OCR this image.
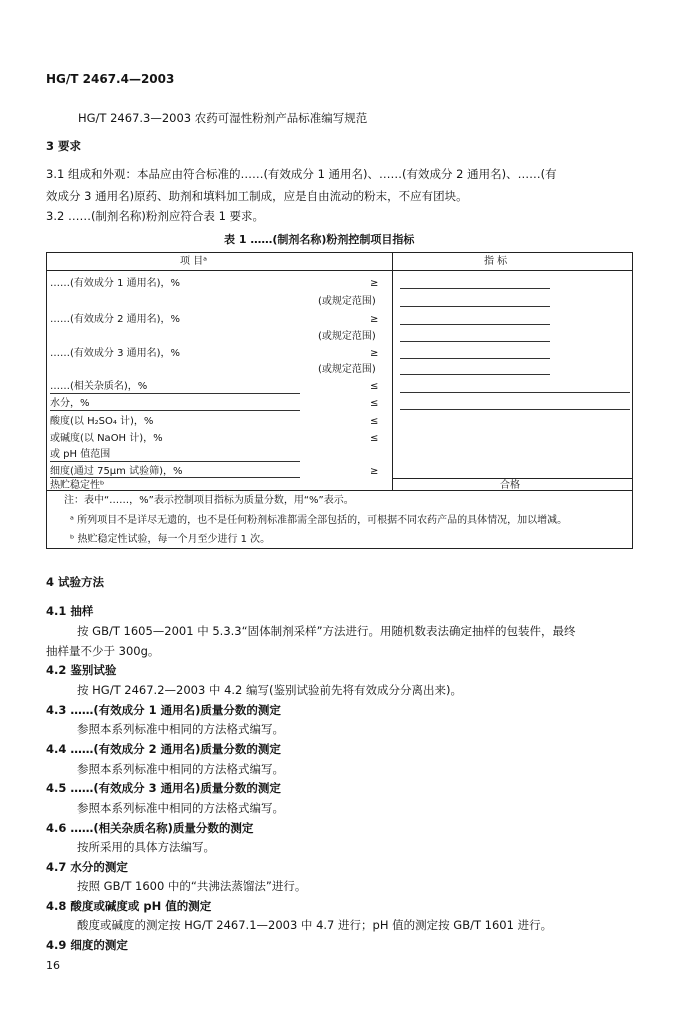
HG/T 2467.4—2003
HG/T 2467.3—2003 农药可湿性粉剂产品标准编写规范
3 要求
3.1 组成和外观：本品应由符合标准的……(有效成分 1 通用名)、……(有效成分 2 通用名)、……(有
效成分 3 通用名)原药、助剂和填料加工制成，应是自由流动的粉末，不应有团块。
3.2 ……(制剂名称)粉剂应符合表 1 要求。
表 1 ……(制剂名称)粉剂控制项目指标
项 目ᵃ	指 标
……(有效成分 1 通用名)，%	≥
(或规定范围)
……(有效成分 2 通用名)，%	≥
(或规定范围)
……(有效成分 3 通用名)，%	≥
(或规定范围)
……(相关杂质名)，%	≤
水分，%	≤
酸度(以 H₂SO₄ 计)，%	≤
或碱度(以 NaOH 计)，%	≤
或 pH 值范围
细度(通过 75μm 试验筛)，%	≥
热贮稳定性ᵇ	合格
注：表中“……，%”表示控制项目指标为质量分数，用“%”表示。
ᵃ 所列项目不是详尽无遗的，也不是任何粉剂标准都需全部包括的，可根据不同农药产品的具体情况，加以增减。
ᵇ 热贮稳定性试验，每一个月至少进行 1 次。
4 试验方法
4.1 抽样
按 GB/T 1605—2001 中 5.3.3“固体制剂采样”方法进行。用随机数表法确定抽样的包装件，最终
抽样量不少于 300g。
4.2 鉴别试验
按 HG/T 2467.2—2003 中 4.2 编写(鉴别试验前先将有效成分分离出来)。
4.3 ……(有效成分 1 通用名)质量分数的测定
参照本系列标准中相同的方法格式编写。
4.4 ……(有效成分 2 通用名)质量分数的测定
参照本系列标准中相同的方法格式编写。
4.5 ……(有效成分 3 通用名)质量分数的测定
参照本系列标准中相同的方法格式编写。
4.6 ……(相关杂质名称)质量分数的测定
按所采用的具体方法编写。
4.7 水分的测定
按照 GB/T 1600 中的“共沸法蒸馏法”进行。
4.8 酸度或碱度或 pH 值的测定
酸度或碱度的测定按 HG/T 2467.1—2003 中 4.7 进行；pH 值的测定按 GB/T 1601 进行。
4.9 细度的测定
16
